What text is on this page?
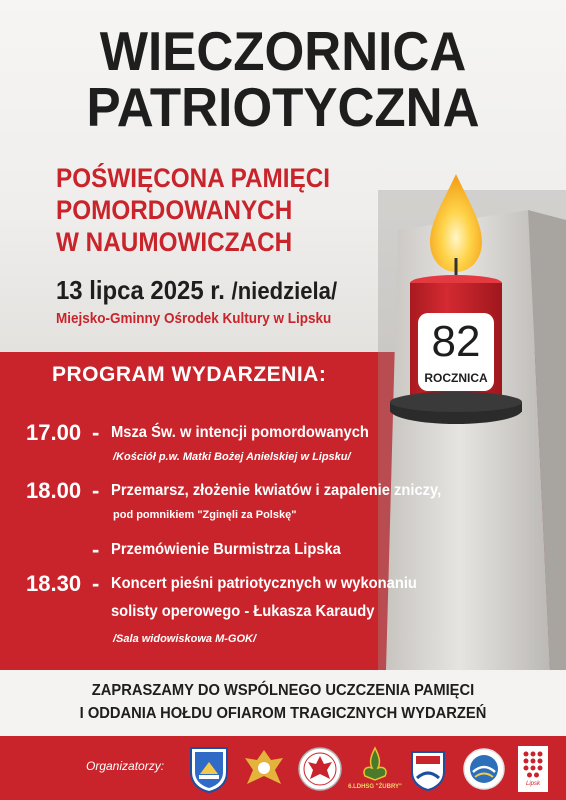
WIECZORNICA
PATRIOTYCZNA
POŚWIĘCONA PAMIĘCI
POMORDOWANYCH
W NAUMOWICZACH
13 lipca 2025 r. /niedziela/
Miejsko-Gminny Ośrodek Kultury w Lipsku	82
ROCZNICA
PROGRAM WYDARZENIA:
17.00 - Msza Św. w intencji pomordowanych
/Kościół p.w. Matki Bożej Anielskiej w Lipsku/
18.00 - Przemarsz, złożenie kwiatów i zapalenie zniczy,
pod pomnikiem "Zginęli za Polskę"
- Przemówienie Burmistrza Lipska
18.30 - Koncert pieśni patriotycznych w wykonaniu
solisty operowego - Łukasza Karaudy
/Sala widowiskowa M-GOK/
ZAPRASZAMY DO WSPÓLNEGO UCZCZENIA PAMIĘCI
I ODDANIA HOŁDU OFIAROM TRAGICZNYCH WYDARZEŃ
Organizatorzy:
6.LDHSG "ŻUBRY"	Lipsk
